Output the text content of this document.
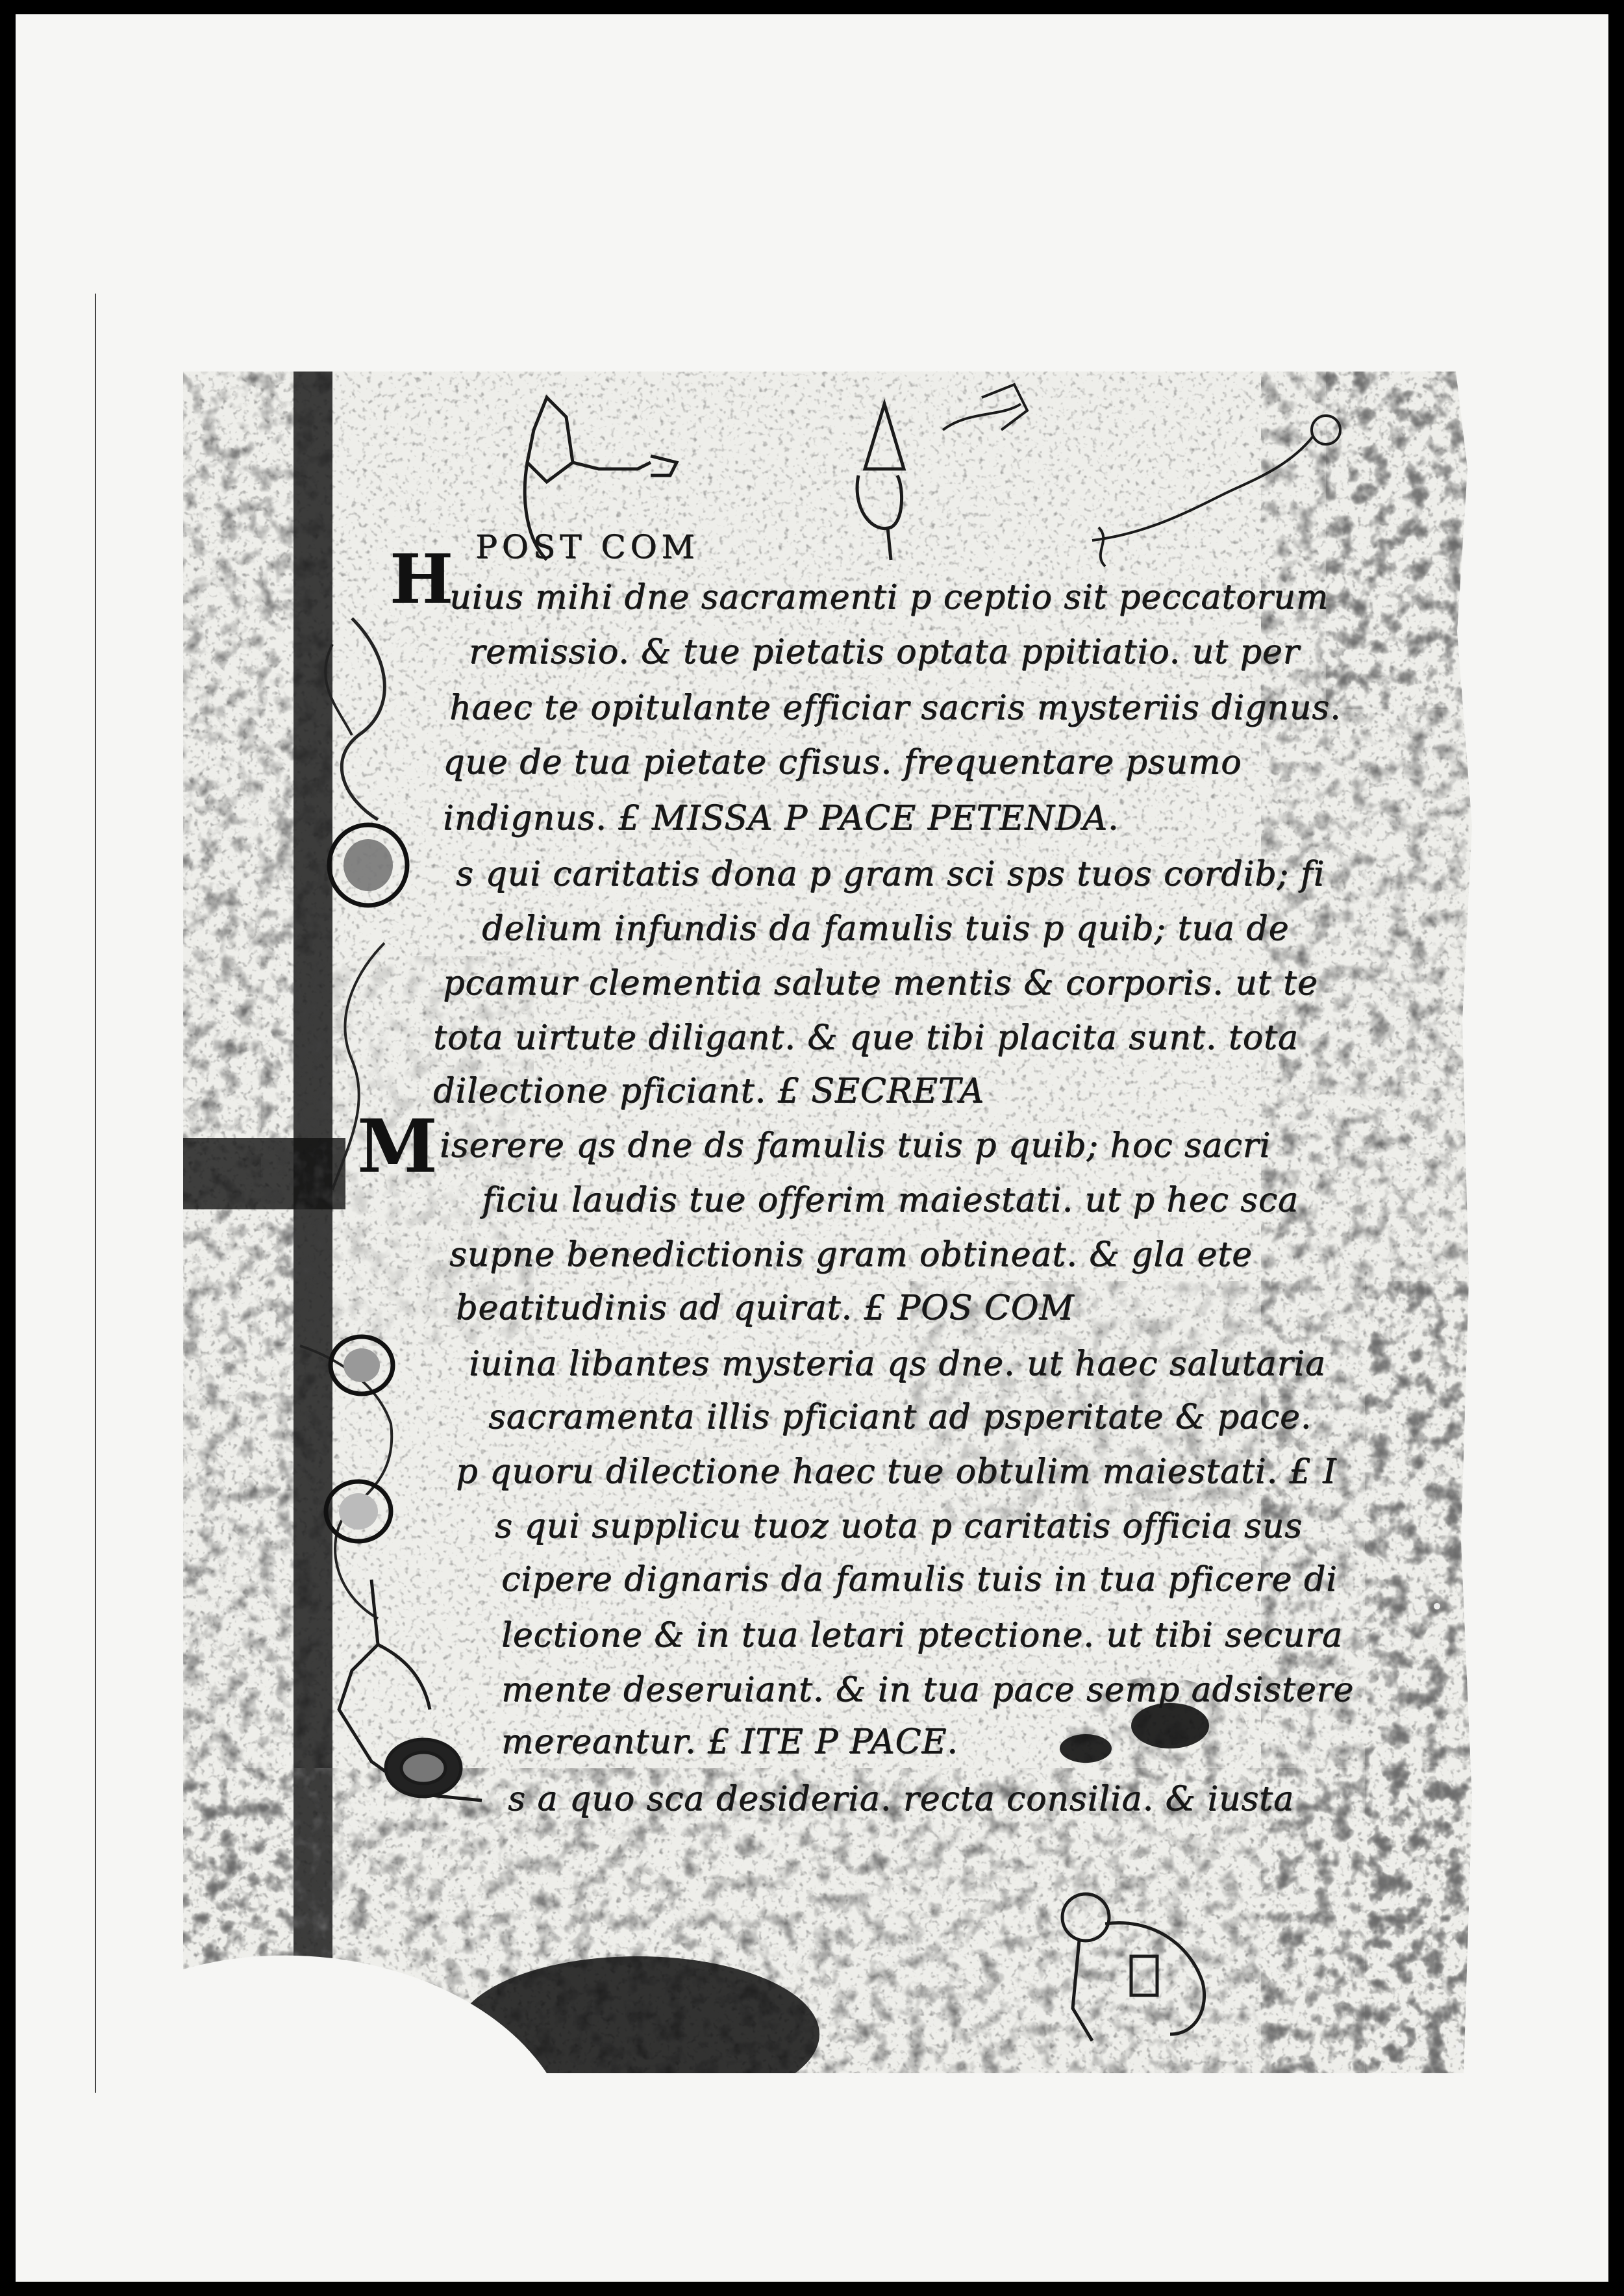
H
M
POST COM
uius mihi dne sacramenti p ceptio sit peccatorum
remissio. & tue pietatis optata ppitiatio. ut per
haec te opitulante efficiar sacris mysteriis dignus.
que de tua pietate cfisus. frequentare psumo
indignus. £ MISSA P PACE PETENDA.
s qui caritatis dona p gram sci sps tuos cordib; fi
delium infundis da famulis tuis p quib; tua de
pcamur clementia salute mentis & corporis. ut te
tota uirtute diligant. & que tibi placita sunt. tota
dilectione pficiant. £ SECRETA
iserere qs dne ds famulis tuis p quib; hoc sacri
ficiu laudis tue offerim maiestati. ut p hec sca
supne benedictionis gram obtineat. & gla ete
beatitudinis ad quirat. £ POS COM
iuina libantes mysteria qs dne. ut haec salutaria
sacramenta illis pficiant ad psperitate & pace.
p quoru dilectione haec tue obtulim maiestati. £ I
s qui supplicu tuoz uota p caritatis officia sus
cipere dignaris da famulis tuis in tua pficere di
lectione & in tua letari ptectione. ut tibi secura
mente deseruiant. & in tua pace semp adsistere
mereantur. £ ITE P PACE.
s a quo sca desideria. recta consilia. & iusta
